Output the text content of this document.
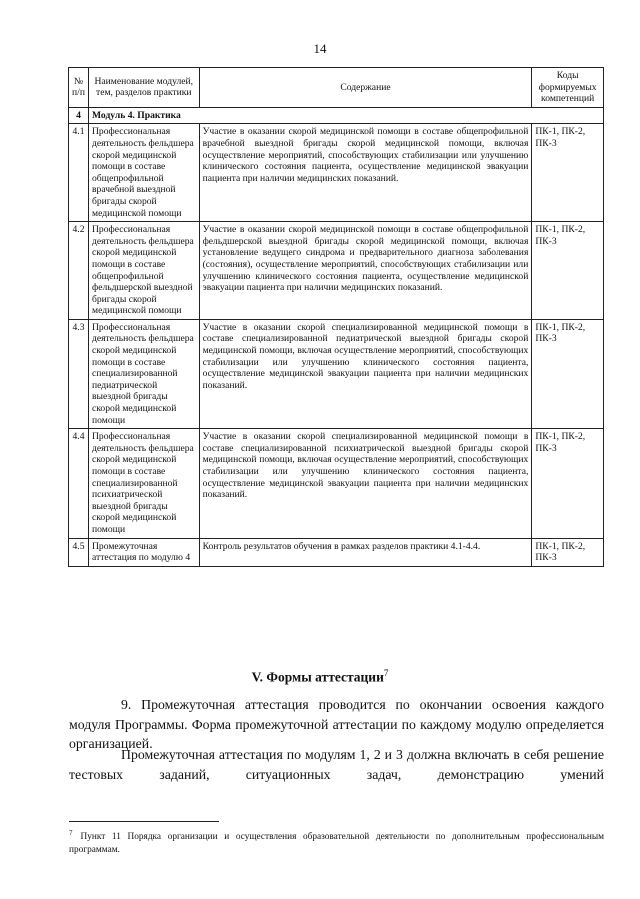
14
№ п/п	Наименование модулей, тем, разделов практики	Содержание	Коды формируемых компетенций
4	Модуль 4. Практика		
4.1	Профессиональная деятельность фельдшера скорой медицинской помощи в составе общепрофильной врачебной выездной бригады скорой медицинской помощи	Участие в оказании скорой медицинской помощи в составе общепрофильной врачебной выездной бригады скорой медицинской помощи, включая осуществление мероприятий, способствующих стабилизации или улучшению клинического состояния пациента, осуществление медицинской эвакуации пациента при наличии медицинских показаний.	ПК-1, ПК-2, ПК-3
4.2	Профессиональная деятельность фельдшера скорой медицинской помощи в составе общепрофильной фельдшерской выездной бригады скорой медицинской помощи	Участие в оказании скорой медицинской помощи в составе общепрофильной фельдшерской выездной бригады скорой медицинской помощи, включая установление ведущего синдрома и предварительного диагноза заболевания (состояния), осуществление мероприятий, способствующих стабилизации или улучшению клинического состояния пациента, осуществление медицинской эвакуации пациента при наличии медицинских показаний.	ПК-1, ПК-2, ПК-3
4.3	Профессиональная деятельность фельдшера скорой медицинской помощи в составе специализированной педиатрической выездной бригады скорой медицинской помощи	Участие в оказании скорой специализированной медицинской помощи в составе специализированной педиатрической выездной бригады скорой медицинской помощи, включая осуществление мероприятий, способствующих стабилизации или улучшению клинического состояния пациента, осуществление медицинской эвакуации пациента при наличии медицинских показаний.	ПК-1, ПК-2, ПК-3
4.4	Профессиональная деятельность фельдшера скорой медицинской помощи в составе специализированной психиатрической выездной бригады скорой медицинской помощи	Участие в оказании скорой специализированной медицинской помощи в составе специализированной психиатрической выездной бригады скорой медицинской помощи, включая осуществление мероприятий, способствующих стабилизации или улучшению клинического состояния пациента, осуществление медицинской эвакуации пациента при наличии медицинских показаний.	ПК-1, ПК-2, ПК-3
4.5	Промежуточная аттестация по модулю 4	Контроль результатов обучения в рамках разделов практики 4.1-4.4.	ПК-1, ПК-2, ПК-3
V. Формы аттестации$^7$

9. Промежуточная аттестация проводится по окончании освоения каждого модуля Программы. Форма промежуточной аттестации по каждому модулю определяется организацией.

Промежуточная аттестация по модулям 1, 2 и 3 должна включать в себя решение тестовых заданий, ситуационных задач, демонстрацию умений

$^7$ Пункт 11 Порядка организации и осуществления образовательной деятельности по дополнительным профессиональным программам.
